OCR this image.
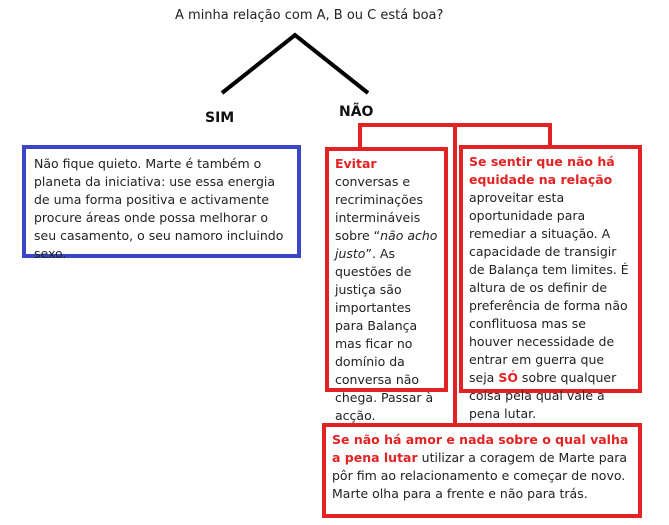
A minha relação com A, B ou C está boa?
SIM	NÃO
Não fique quieto. Marte é também o planeta da iniciativa: use essa energia de uma forma positiva e activamente procure áreas onde possa melhorar o seu casamento, o seu namoro incluindo sexo.
Evitar conversas e recriminações intermináveis sobre “não acho justo”. As questões de justiça são importantes para Balança mas ficar no domínio da conversa não chega. Passar à acção.
Se sentir que não há equidade na relação aproveitar esta oportunidade para remediar a situação. A capacidade de transigir de Balança tem limites. É altura de os definir de preferência de forma não conflituosa mas se houver necessidade de entrar em guerra que seja SÓ sobre qualquer coisa pela qual vale a pena lutar.
Se não há amor e nada sobre o qual valha a pena lutar utilizar a coragem de Marte para pôr fim ao relacionamento e começar de novo. Marte olha para a frente e não para trás.
